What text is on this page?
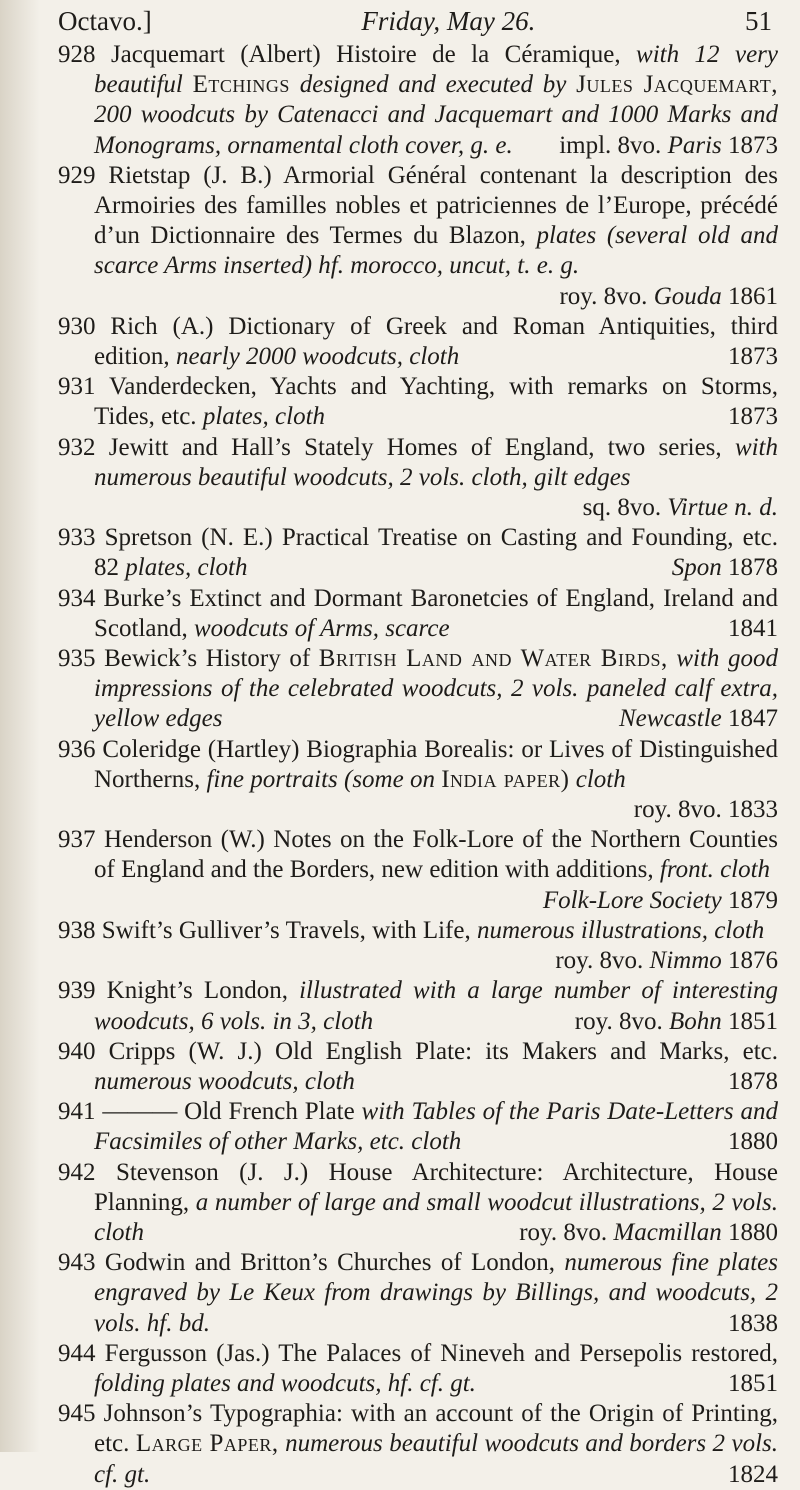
Octavo.]	Friday, May 26.	51

928 Jacquemart (Albert) Histoire de la Céramique, with 12 very beautiful Etchings designed and executed by Jules Jacquemart, 200 woodcuts by Catenacci and Jacquemart and 1000 Marks and Monograms, ornamental cloth cover, g. e. impl. 8vo. Paris 1873

929 Rietstap (J. B.) Armorial Général contenant la description des Armoiries des familles nobles et patriciennes de l’Europe, précédé d’un Dictionnaire des Termes du Blazon, plates (several old and scarce Arms inserted) hf. morocco, uncut, t. e. g.
roy. 8vo. Gouda 1861

930 Rich (A.) Dictionary of Greek and Roman Antiquities, third edition, nearly 2000 woodcuts, cloth	1873

931 Vanderdecken, Yachts and Yachting, with remarks on Storms, Tides, etc. plates, cloth	1873

932 Jewitt and Hall’s Stately Homes of England, two series, with numerous beautiful woodcuts, 2 vols. cloth, gilt edges
sq. 8vo. Virtue n. d.

933 Spretson (N. E.) Practical Treatise on Casting and Founding, etc. 82 plates, cloth	Spon 1878

934 Burke’s Extinct and Dormant Baronetcies of England, Ireland and Scotland, woodcuts of Arms, scarce	1841

935 Bewick’s History of British Land and Water Birds, with good impressions of the celebrated woodcuts, 2 vols. paneled calf extra, yellow edges	Newcastle 1847

936 Coleridge (Hartley) Biographia Borealis: or Lives of Distinguished Northerns, fine portraits (some on India paper) cloth
roy. 8vo. 1833

937 Henderson (W.) Notes on the Folk-Lore of the Northern Counties of England and the Borders, new edition with additions, front. cloth
Folk-Lore Society 1879

938 Swift’s Gulliver’s Travels, with Life, numerous illustrations, cloth
roy. 8vo. Nimmo 1876

939 Knight’s London, illustrated with a large number of interesting woodcuts, 6 vols. in 3, cloth	roy. 8vo. Bohn 1851

940 Cripps (W. J.) Old English Plate: its Makers and Marks, etc. numerous woodcuts, cloth	1878

941 ——— Old French Plate with Tables of the Paris Date-Letters and Facsimiles of other Marks, etc. cloth	1880

942 Stevenson (J. J.) House Architecture: Architecture, House Planning, a number of large and small woodcut illustrations, 2 vols. cloth	roy. 8vo. Macmillan 1880

943 Godwin and Britton’s Churches of London, numerous fine plates engraved by Le Keux from drawings by Billings, and woodcuts, 2 vols. hf. bd.	1838

944 Fergusson (Jas.) The Palaces of Nineveh and Persepolis restored, folding plates and woodcuts, hf. cf. gt.	1851

945 Johnson’s Typographia: with an account of the Origin of Printing, etc. Large Paper, numerous beautiful woodcuts and borders 2 vols. cf. gt.	1824
